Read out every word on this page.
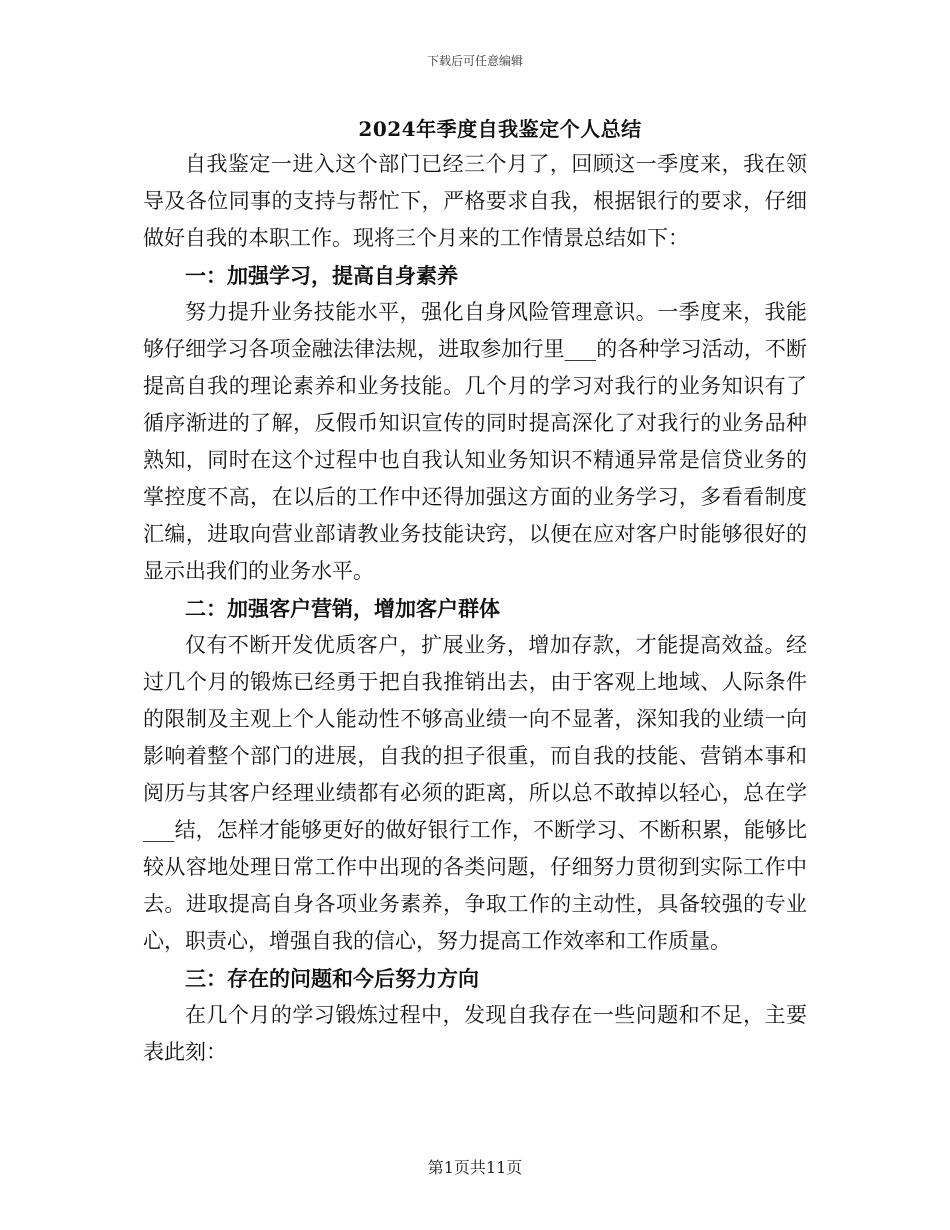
下载后可任意编辑
2024年季度自我鉴定个人总结

自我鉴定一进入这个部门已经三个月了，回顾这一季度来，我在领导及各位同事的支持与帮忙下，严格要求自我，根据银行的要求，仔细做好自我的本职工作。现将三个月来的工作情景总结如下：

一：加强学习，提高自身素养

努力提升业务技能水平，强化自身风险管理意识。一季度来，我能够仔细学习各项金融法律法规，进取参加行里___的各种学习活动，不断提高自我的理论素养和业务技能。几个月的学习对我行的业务知识有了循序渐进的了解，反假币知识宣传的同时提高深化了对我行的业务品种熟知，同时在这个过程中也自我认知业务知识不精通异常是信贷业务的掌控度不高，在以后的工作中还得加强这方面的业务学习，多看看制度汇编，进取向营业部请教业务技能诀窍，以便在应对客户时能够很好的显示出我们的业务水平。

二：加强客户营销，增加客户群体

仅有不断开发优质客户，扩展业务，增加存款，才能提高效益。经过几个月的锻炼已经勇于把自我推销出去，由于客观上地域、人际条件的限制及主观上个人能动性不够高业绩一向不显著，深知我的业绩一向影响着整个部门的进展，自我的担子很重，而自我的技能、营销本事和阅历与其客户经理业绩都有必须的距离，所以总不敢掉以轻心，总在学___结，怎样才能够更好的做好银行工作，不断学习、不断积累，能够比较从容地处理日常工作中出现的各类问题，仔细努力贯彻到实际工作中去。进取提高自身各项业务素养，争取工作的主动性，具备较强的专业心，职责心，增强自我的信心，努力提高工作效率和工作质量。

三：存在的问题和今后努力方向

在几个月的学习锻炼过程中，发现自我存在一些问题和不足，主要表此刻：

第1页共11页
